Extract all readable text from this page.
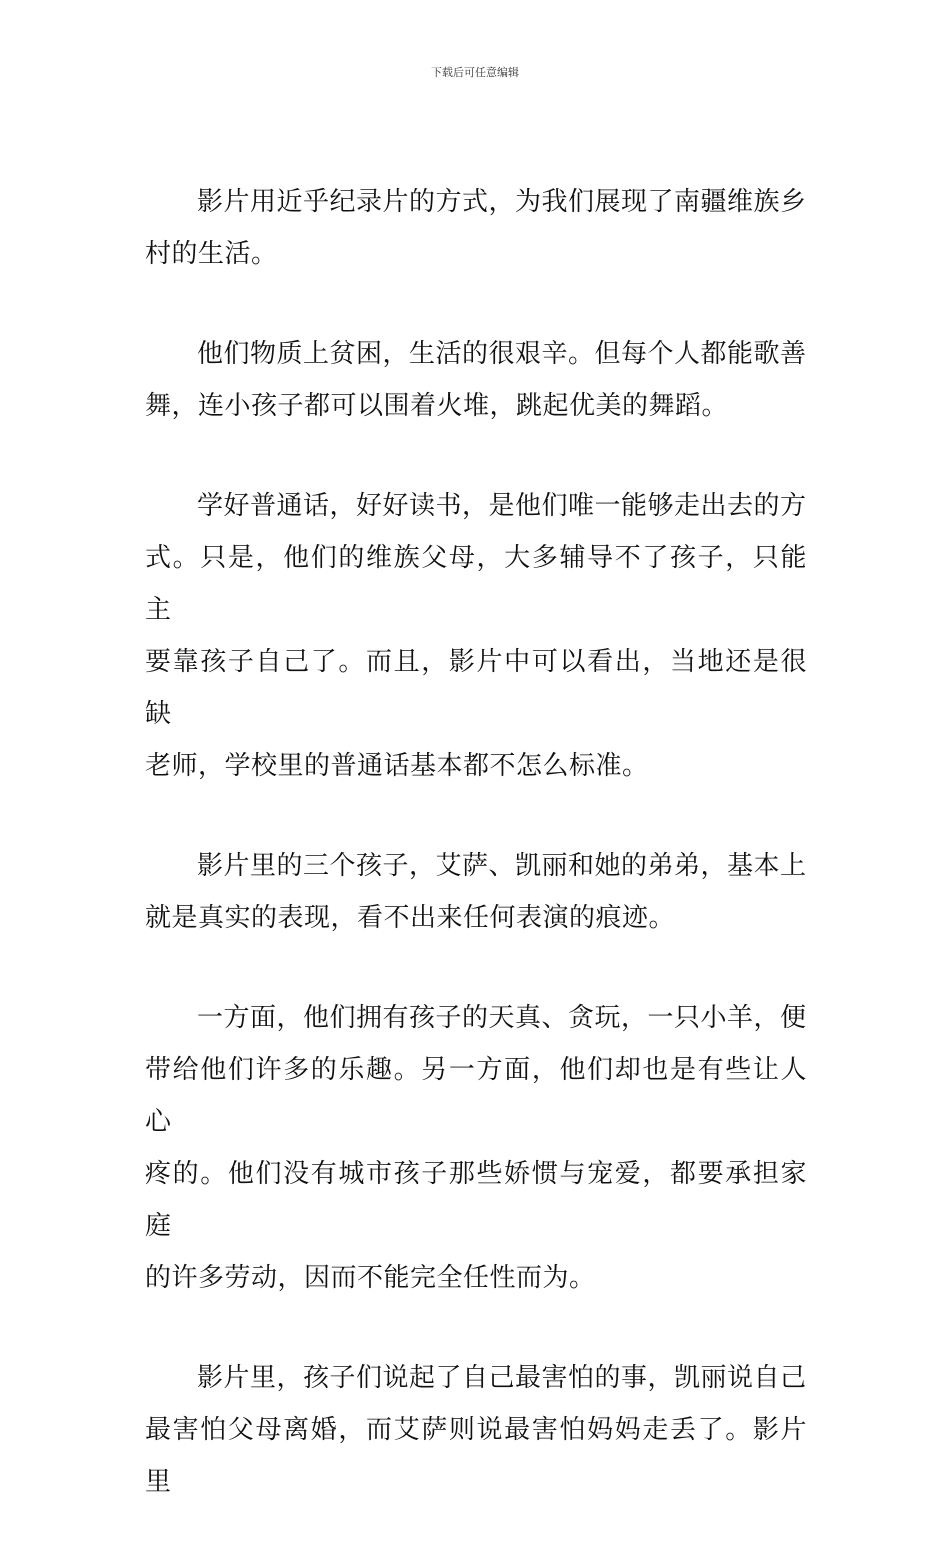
下载后可任意编辑

影片用近乎纪录片的方式，为我们展现了南疆维族乡
村的生活。

他们物质上贫困，生活的很艰辛。但每个人都能歌善
舞，连小孩子都可以围着火堆，跳起优美的舞蹈。

学好普通话，好好读书，是他们唯一能够走出去的方
式。只是，他们的维族父母，大多辅导不了孩子，只能主
要靠孩子自己了。而且，影片中可以看出，当地还是很缺
老师，学校里的普通话基本都不怎么标准。

影片里的三个孩子，艾萨、凯丽和她的弟弟，基本上
就是真实的表现，看不出来任何表演的痕迹。

一方面，他们拥有孩子的天真、贪玩，一只小羊，便
带给他们许多的乐趣。另一方面，他们却也是有些让人心
疼的。他们没有城市孩子那些娇惯与宠爱，都要承担家庭
的许多劳动，因而不能完全任性而为。

影片里，孩子们说起了自己最害怕的事，凯丽说自己
最害怕父母离婚，而艾萨则说最害怕妈妈走丢了。影片里
